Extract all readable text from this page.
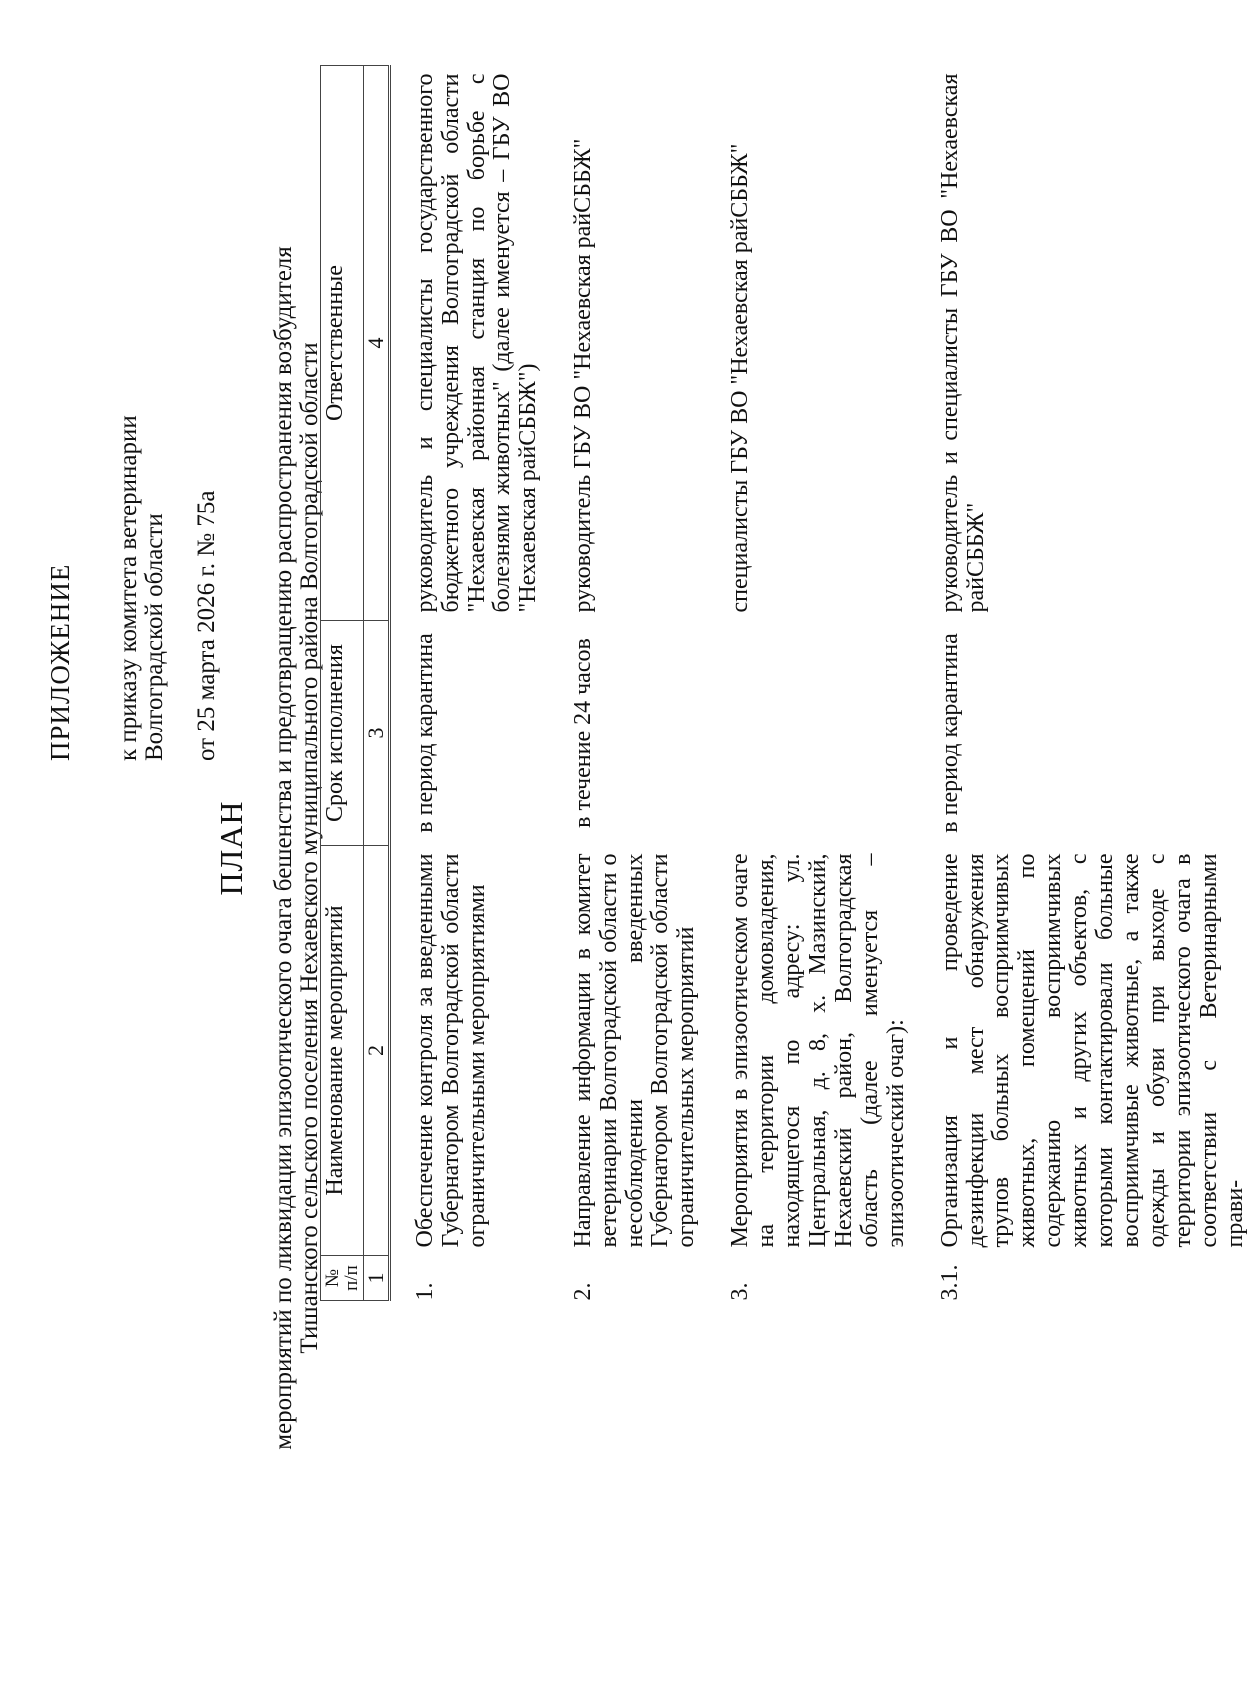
ПРИЛОЖЕНИЕ к приказу комитета ветеринарии Волгоградской области от 25 марта 2026 г. № 75а
ПЛАН мероприятий по ликвидации эпизоотического очага бешенства и предотвращению распространения возбудителя Тишанского сельского поселения Нехаевского муниципального района Волгоградской области № п/п	Наименование мероприятий	Срок исполнения	Ответственные
1	2	3	4
1.	Обеспечение контроля за введенными Губернатором Волгоградской области ограничительными мероприятиями	в период карантина	руководитель и специалисты государственного бюджетного учреждения Волгоградской области "Нехаевская районная станция по борьбе с болезнями животных" (далее именуется – ГБУ ВО "Нехаевская райСББЖ")
2.	Направление информации в комитет ветеринарии Волгоградской области о несоблюдении введенных Губернатором Волгоградской области ограничительных мероприятий	в течение 24 часов	руководитель ГБУ ВО "Нехаевская райСББЖ"
3.	Мероприятия в эпизоотическом очаге на территории домовладения, находящегося по адресу: ул. Центральная, д. 8, х. Мазинский, Нехаевский район, Волгоградская область (далее именуется – эпизоотический очаг):		специалисты ГБУ ВО "Нехаевская райСББЖ"
3.1.	Организация и проведение дезинфекции мест обнаружения трупов больных восприимчивых животных, помещений по содержанию восприимчивых животных и других объектов, с которыми контактировали больные восприимчивые животные, а также одежды и обуви при выходе с территории эпизоотического очага в соответствии с Ветеринарными прави-	в период карантина	руководитель и специалисты ГБУ ВО "Нехаевская райСББЖ"
